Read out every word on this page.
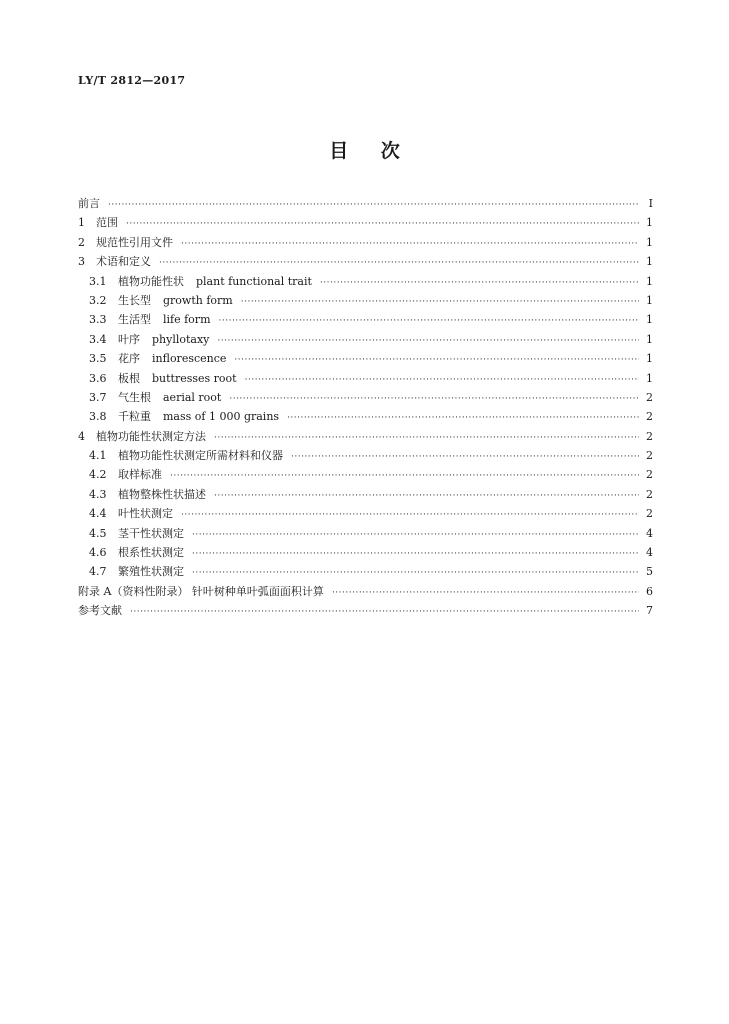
LY/T 2812—2017
目 次
前言 ·····	Ⅰ
1	范围 ·····	1
2	规范性引用文件 ·····	1
3	术语和定义 ·····	1
3.1	植物功能性状 plant functional trait ·····	1
3.2	生长型 growth form ·····	1
3.3	生活型 life form ·····	1
3.4	叶序 phyllotaxy ·····	1
3.5	花序 inflorescence ·····	1
3.6	板根 buttresses root ·····	1
3.7	气生根 aerial root ·····	2
3.8	千粒重 mass of 1 000 grains ·····	2
4	植物功能性状测定方法 ·····	2
4.1	植物功能性状测定所需材料和仪器 ·····	2
4.2	取样标准 ·····	2
4.3	植物整株性状描述 ·····	2
4.4	叶性状测定 ·····	2
4.5	茎干性状测定 ·····	4
4.6	根系性状测定 ·····	4
4.7	繁殖性状测定 ·····	5
附录 A（资料性附录） 针叶树种单叶弧面面积计算 ·····	6
参考文献 ·····	7
